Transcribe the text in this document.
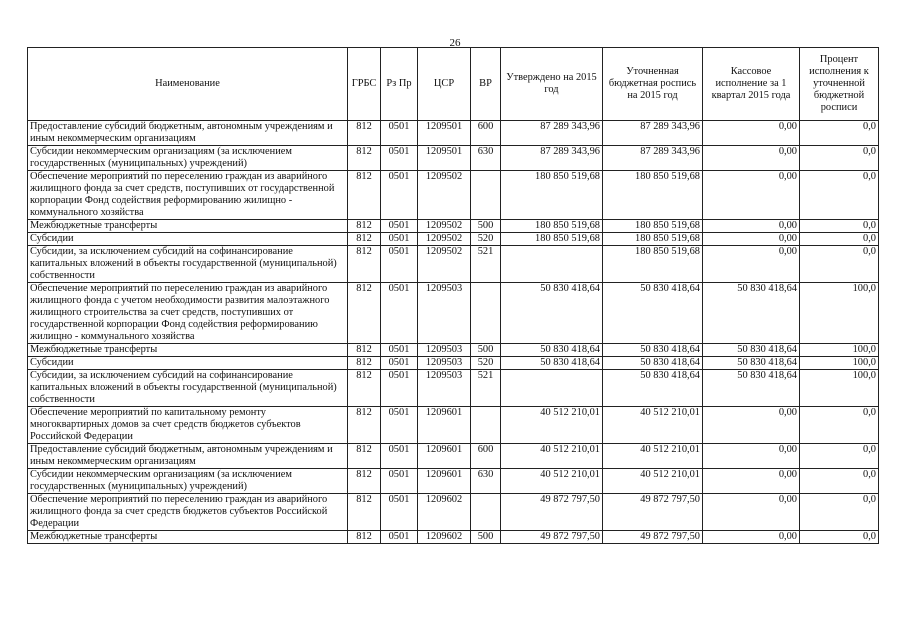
26
Наименование	ГРБС	Рз Пр	ЦСР	ВР	Утверждено на 2015 год	Уточненная бюджетная роспись на 2015 год	Кассовое исполнение за 1 квартал 2015 года	Процент исполнения к уточненной бюджетной росписи
Предоставление субсидий бюджетным, автономным учреждениям и иным некоммерческим организациям	812	0501	1209501	600	87 289 343,96	87 289 343,96	0,00	0,0
Субсидии некоммерческим организациям (за исключением государственных (муниципальных) учреждений)	812	0501	1209501	630	87 289 343,96	87 289 343,96	0,00	0,0
Обеспечение мероприятий по переселению граждан из аварийного жилищного фонда за счет средств, поступивших от государственной корпорации Фонд содействия реформированию жилищно - коммунального хозяйства	812	0501	1209502		180 850 519,68	180 850 519,68	0,00	0,0
Межбюджетные трансферты	812	0501	1209502	500	180 850 519,68	180 850 519,68	0,00	0,0
Субсидии	812	0501	1209502	520	180 850 519,68	180 850 519,68	0,00	0,0
Субсидии, за исключением субсидий на софинансирование капитальных вложений в объекты государственной (муниципальной) собственности	812	0501	1209502	521		180 850 519,68	0,00	0,0
Обеспечение мероприятий по переселению граждан из аварийного жилищного фонда с учетом необходимости развития малоэтажного жилищного строительства за счет средств, поступивших от государственной корпорации Фонд содействия реформированию жилищно - коммунального хозяйства	812	0501	1209503		50 830 418,64	50 830 418,64	50 830 418,64	100,0
Межбюджетные трансферты	812	0501	1209503	500	50 830 418,64	50 830 418,64	50 830 418,64	100,0
Субсидии	812	0501	1209503	520	50 830 418,64	50 830 418,64	50 830 418,64	100,0
Субсидии, за исключением субсидий на софинансирование капитальных вложений в объекты государственной (муниципальной) собственности	812	0501	1209503	521		50 830 418,64	50 830 418,64	100,0
Обеспечение мероприятий по капитальному ремонту многоквартирных домов за счет средств бюджетов субъектов Российской Федерации	812	0501	1209601		40 512 210,01	40 512 210,01	0,00	0,0
Предоставление субсидий бюджетным, автономным учреждениям и иным некоммерческим организациям	812	0501	1209601	600	40 512 210,01	40 512 210,01	0,00	0,0
Субсидии некоммерческим организациям (за исключением государственных (муниципальных) учреждений)	812	0501	1209601	630	40 512 210,01	40 512 210,01	0,00	0,0
Обеспечение мероприятий по переселению граждан из аварийного жилищного фонда за счет средств бюджетов субъектов Российской Федерации	812	0501	1209602		49 872 797,50	49 872 797,50	0,00	0,0
Межбюджетные трансферты	812	0501	1209602	500	49 872 797,50	49 872 797,50	0,00	0,0
